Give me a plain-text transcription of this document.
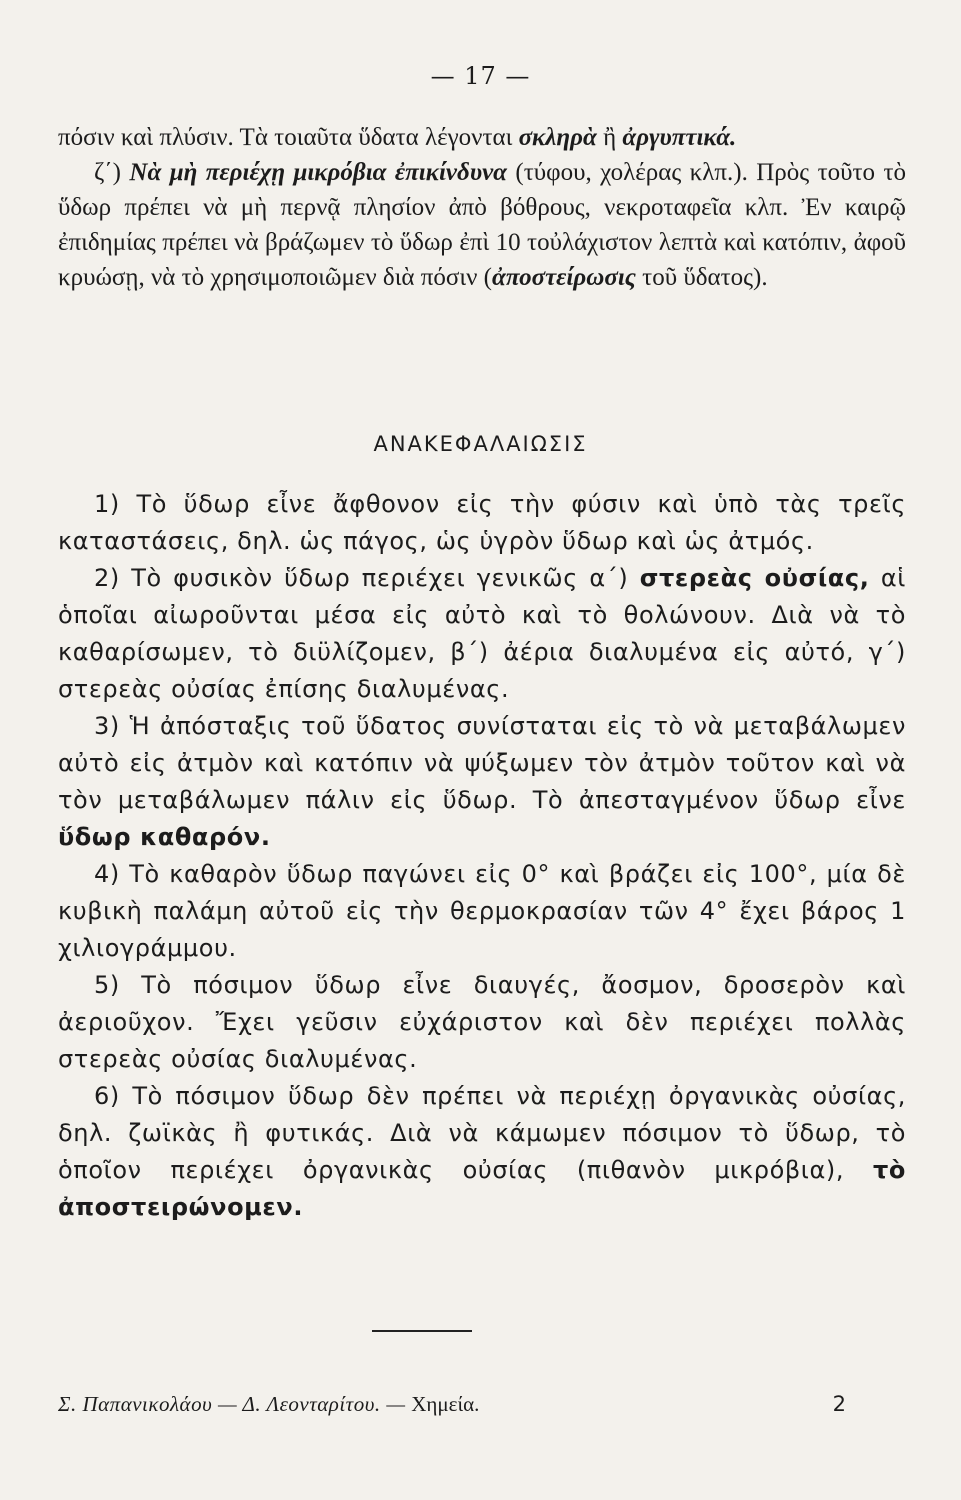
— 17 —

πόσιν καὶ πλύσιν. Τὰ τοιαῦτα ὕδατα λέγονται σκληρὰ ἢ ἀργυπτικά.

ζ΄) Νὰ μὴ περιέχῃ μικρόβια ἐπικίνδυνα (τύφου, χολέρας κλπ.). Πρὸς τοῦτο τὸ ὕδωρ πρέπει νὰ μὴ περνᾷ πλησίον ἀπὸ βόθρους, νεκροταφεῖα κλπ. Ἐν καιρῷ ἐπιδημίας πρέπει νὰ βράζωμεν τὸ ὕδωρ ἐπὶ 10 τοὐλάχιστον λεπτὰ καὶ κατόπιν, ἀφοῦ κρυώσῃ, νὰ τὸ χρησιμοποιῶμεν διὰ πόσιν (ἀποστείρωσις τοῦ ὕδατος).

ΑΝΑΚΕΦΑΛΑΙΩΣΙΣ

1) Τὸ ὕδωρ εἶνε ἄφθονον εἰς τὴν φύσιν καὶ ὑπὸ τὰς τρεῖς καταστάσεις, δηλ. ὡς πάγος, ὡς ὑγρὸν ὕδωρ καὶ ὡς ἀτμός.

2) Τὸ φυσικὸν ὕδωρ περιέχει γενικῶς α΄) στερεὰς οὐσίας, αἱ ὁποῖαι αἰωροῦνται μέσα εἰς αὐτὸ καὶ τὸ θολώνουν. Διὰ νὰ τὸ καθαρίσωμεν, τὸ διϋλίζομεν, β΄) ἀέρια διαλυμένα εἰς αὐτό, γ΄) στερεὰς οὐσίας ἐπίσης διαλυμένας.

3) Ἡ ἀπόσταξις τοῦ ὕδατος συνίσταται εἰς τὸ νὰ μεταβάλωμεν αὐτὸ εἰς ἀτμὸν καὶ κατόπιν νὰ ψύξωμεν τὸν ἀτμὸν τοῦτον καὶ νὰ τὸν μεταβάλωμεν πάλιν εἰς ὕδωρ. Τὸ ἀπεσταγμένον ὕδωρ εἶνε ὕδωρ καθαρόν.

4) Τὸ καθαρὸν ὕδωρ παγώνει εἰς 0° καὶ βράζει εἰς 100°, μία δὲ κυβικὴ παλάμη αὐτοῦ εἰς τὴν θερμοκρασίαν τῶν 4° ἔχει βάρος 1 χιλιογράμμου.

5) Τὸ πόσιμον ὕδωρ εἶνε διαυγές, ἄοσμον, δροσερὸν καὶ ἀεριοῦχον. Ἔχει γεῦσιν εὐχάριστον καὶ δὲν περιέχει πολλὰς στερεὰς οὐσίας διαλυμένας.

6) Τὸ πόσιμον ὕδωρ δὲν πρέπει νὰ περιέχῃ ὀργανικὰς οὐσίας, δηλ. ζωϊκὰς ἢ φυτικάς. Διὰ νὰ κάμωμεν πόσιμον τὸ ὕδωρ, τὸ ὁποῖον περιέχει ὀργανικὰς οὐσίας (πιθανὸν μικρόβια), τὸ ἀποστειρώνομεν.

Σ. Παπανικολάου — Δ. Λεονταρίτου. — Χημεία.	2
